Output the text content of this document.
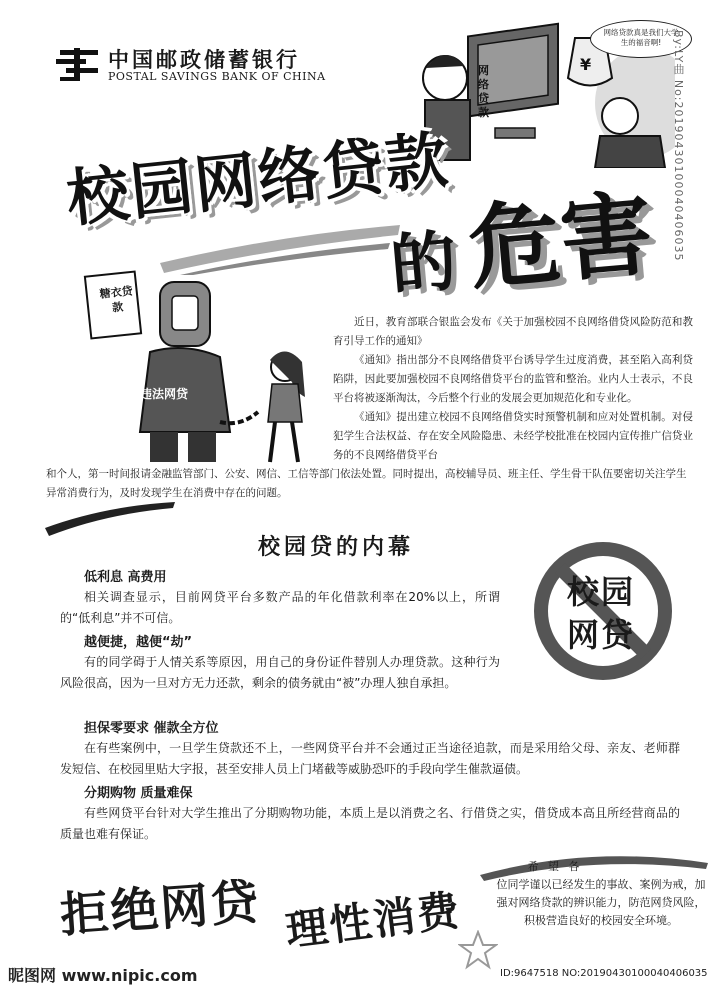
中国邮政储蓄银行
POSTAL SAVINGS BANK OF CHINA
¥
网络贷款
网络贷款真是我们大学生的福音啊!
校园网络贷款
的 危害
糖衣贷款
违法网贷

近日，教育部联合银监会发布《关于加强校园不良网络借贷风险防范和教育引导工作的通知》

《通知》指出部分不良网络借贷平台诱导学生过度消费，甚至陷入高利贷陷阱，因此要加强校园不良网络借贷平台的监管和整治。业内人士表示，不良平台将被逐渐淘汰，今后整个行业的发展会更加规范化和专业化。

《通知》提出建立校园不良网络借贷实时预警机制和应对处置机制。对侵犯学生合法权益、存在安全风险隐患、未经学校批准在校园内宣传推广信贷业务的不良网络借贷平台

和个人，第一时间报请金融监管部门、公安、网信、工信等部门依法处置。同时提出，高校辅导员、班主任、学生骨干队伍要密切关注学生异常消费行为，及时发现学生在消费中存在的问题。
校园贷的内幕
校园
网贷
低利息 高费用

相关调查显示，目前网贷平台多数产品的年化借款利率在20%以上，所谓的“低利息”并不可信。

越便捷，越便“劫”

有的同学碍于人情关系等原因，用自己的身份证件替别人办理贷款。这种行为风险很高，因为一旦对方无力还款，剩余的债务就由“被”办理人独自承担。

担保零要求 催款全方位

在有些案例中，一旦学生贷款还不上，一些网贷平台并不会通过正当途径追款，而是采用给父母、亲友、老师群发短信、在校园里贴大字报，甚至安排人员上门堵截等威胁恐吓的手段向学生催款逼债。

分期购物 质量难保

有些网贷平台针对大学生推出了分期购物功能，本质上是以消费之名、行借贷之实，借贷成本高且所经营商品的质量也难有保证。

拒绝网贷 理性消费
希 望 各
位同学谨以已经发生的事故、案例为戒，加强对网络贷款的辨识能力，防范网贷风险，积极营造良好的校园安全环境。
昵图网 www.nipic.com	ID:9647518 NO:20190430100040406035
By:LY曲 No:20190430100040406035
